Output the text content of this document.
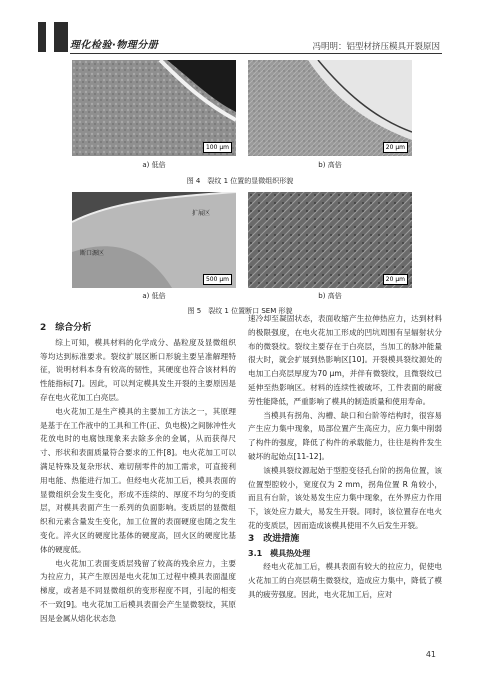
理化检验·物理分册	冯明明：铝型材挤压模具开裂原因
100 μm	20 μm
a) 低倍	b) 高倍
图 4　裂纹 1 位置的显微组织形貌
断口源区
扩展区
500 μm	20 μm
a) 低倍	b) 高倍
图 5　裂纹 1 位置断口 SEM 形貌

2　综合分析

综上可知，模具材料的化学成分、晶粒度及显微组织等均达到标准要求。裂纹扩展区断口形貌主要呈准解理特征，说明材料本身有较高的韧性，其硬度也符合该材料的性能指标[7]。因此，可以判定模具发生开裂的主要原因是存在电火花加工白亮层。

电火花加工是生产模具的主要加工方法之一，其原理是基于在工作液中的工具和工件(正、负电极)之间脉冲性火花放电时的电腐蚀现象来去除多余的金属，从而获得尺寸、形状和表面质量符合要求的工件[8]。电火花加工可以满足特殊及复杂形状、难切削零件的加工需求，可直接利用电能、热能进行加工。但经电火花加工后，模具表面的显微组织会发生变化，形成不连续的、厚度不均匀的变质层，对模具表面产生一系列的负面影响。变质层的显微组织和元素含量发生变化，加工位置的表面硬度也随之发生变化。淬火区的硬度比基体的硬度高，回火区的硬度比基体的硬度低。

电火花加工表面变质层残留了较高的残余应力，主要为拉应力，其产生原因是电火花加工过程中模具表面温度梯度，或者是不同显微组织的变形程度不同，引起的相变不一致[9]。电火花加工后模具表面会产生显微裂纹，其原因是金属从熔化状态急

速冷却至凝固状态，表面收缩产生拉伸热应力，达到材料的极限强度，在电火花加工形成的凹坑周围有呈辐射状分布的微裂纹。裂纹主要存在于白亮层，当加工的脉冲能量很大时，就会扩展到热影响区[10]。开裂模具裂纹源处的电加工白亮层厚度为70 μm，并伴有微裂纹，且微裂纹已延伸至热影响区。材料的连续性被破坏，工件表面的耐疲劳性能降低，严重影响了模具的制造质量和使用寿命。

当模具有拐角、沟槽、缺口和台阶等结构时，很容易产生应力集中现象，局部位置产生高应力，应力集中削弱了构件的强度，降低了构件的承载能力，往往是构件发生破坏的起始点[11-12]。

该模具裂纹源起始于型腔变径孔台阶的拐角位置，该位置型腔较小，宽度仅为 2 mm，拐角位置 R 角较小，而且有台阶，该处易发生应力集中现象，在外界应力作用下，该处应力最大，易发生开裂。同时，该位置存在电火花的变质层，因而造成该模具使用不久后发生开裂。

3　改进措施

3.1　模具热处理

经电火花加工后，模具表面有较大的拉应力，促使电火花加工的白亮层萌生微裂纹，造成应力集中，降低了模具的疲劳强度。因此，电火花加工后，应对

41
